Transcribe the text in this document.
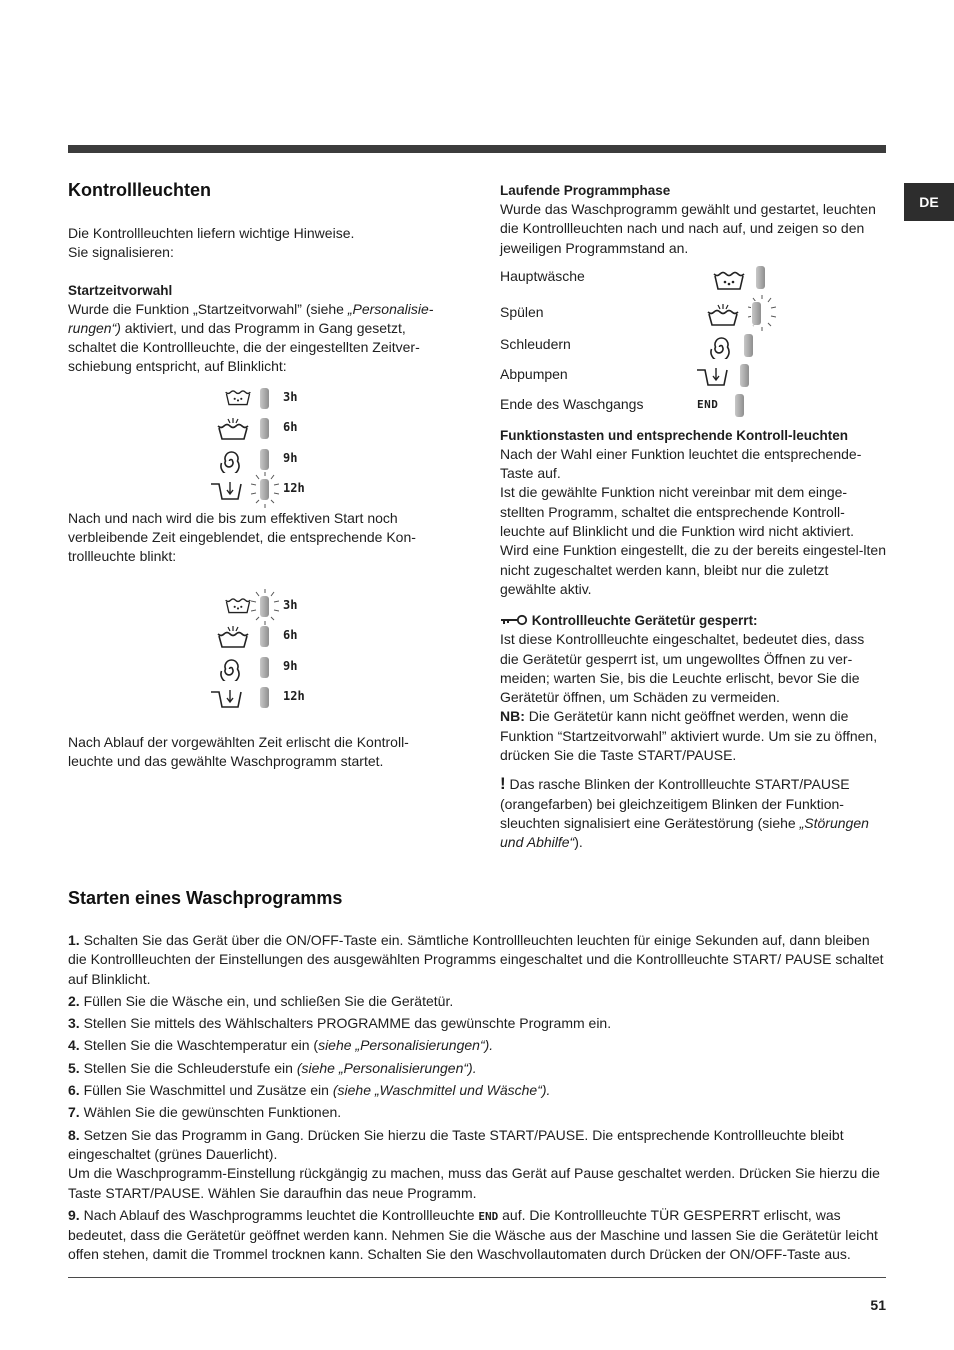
DE
Kontrollleuchten

Die Kontrollleuchten liefern wichtige Hinweise.

Sie signalisieren:

Startzeitvorwahl

Wurde die Funktion „Startzeitvorwahl” (siehe „Personalisie-rungen“) aktiviert, und das Programm in Gang gesetzt, schaltet die Kontrollleuchte, die der eingestellten Zeitver-schiebung entspricht, auf Blinklicht:

3h
6h
9h
12h

Nach und nach wird die bis zum effektiven Start noch verbleibende Zeit eingeblendet, die entsprechende Kon-trollleuchte blinkt:

3h
6h
9h
12h

Nach Ablauf der vorgewählten Zeit erlischt die Kontroll-leuchte und das gewählte Waschprogramm startet.

Laufende Programmphase

Wurde das Waschprogramm gewählt und gestartet, leuchten die Kontrollleuchten nach und nach auf, und zeigen so den jeweiligen Programmstand an.

Hauptwäsche
Spülen
Schleudern
Abpumpen
Ende des Waschgangs	END

Funktionstasten und entsprechende Kontroll-leuchten

Nach der Wahl einer Funktion leuchtet die entsprechende-Taste auf.

Ist die gewählte Funktion nicht vereinbar mit dem einge-stellten Programm, schaltet die entsprechende Kontroll-leuchte auf Blinklicht und die Funktion wird nicht aktiviert.

Wird eine Funktion eingestellt, die zu der bereits eingestel-lten nicht zugeschaltet werden kann, bleibt nur die zuletzt gewählte aktiv.

Kontrollleuchte Gerätetür gesperrt:

Ist diese Kontrollleuchte eingeschaltet, bedeutet dies, dass die Gerätetür gesperrt ist, um ungewolltes Öffnen zu ver-meiden; warten Sie, bis die Leuchte erlischt, bevor Sie die Gerätetür öffnen, um Schäden zu vermeiden.

NB: Die Gerätetür kann nicht geöffnet werden, wenn die Funktion “Startzeitvorwahl” aktiviert wurde. Um sie zu öffnen, drücken Sie die Taste START/PAUSE.

! Das rasche Blinken der Kontrollleuchte START/PAUSE (orangefarben) bei gleichzeitigem Blinken der Funktion-sleuchten signalisiert eine Gerätestörung (siehe „Störungen und Abhilfe“).

Starten eines Waschprogramms

1. Schalten Sie das Gerät über die ON/OFF-Taste ein. Sämtliche Kontrollleuchten leuchten für einige Sekunden auf, dann bleiben die Kontrollleuchten der Einstellungen des ausgewählten Programms eingeschaltet und die Kontrollleuchte START/ PAUSE schaltet auf Blinklicht.

2. Füllen Sie die Wäsche ein, und schließen Sie die Gerätetür.

3. Stellen Sie mittels des Wählschalters PROGRAMME das gewünschte Programm ein.

4. Stellen Sie die Waschtemperatur ein (siehe „Personalisierungen“).

5. Stellen Sie die Schleuderstufe ein (siehe „Personalisierungen“).

6. Füllen Sie Waschmittel und Zusätze ein (siehe „Waschmittel und Wäsche“).

7. Wählen Sie die gewünschten Funktionen.

8. Setzen Sie das Programm in Gang. Drücken Sie hierzu die Taste START/PAUSE. Die entsprechende Kontrollleuchte bleibt eingeschaltet (grünes Dauerlicht).

Um die Waschprogramm-Einstellung rückgängig zu machen, muss das Gerät auf Pause geschaltet werden. Drücken Sie hierzu die Taste START/PAUSE. Wählen Sie daraufhin das neue Programm.

9. Nach Ablauf des Waschprogramms leuchtet die Kontrollleuchte END auf. Die Kontrollleuchte TÜR GESPERRT erlischt, was bedeutet, dass die Gerätetür geöffnet werden kann. Nehmen Sie die Wäsche aus der Maschine und lassen Sie die Gerätetür leicht offen stehen, damit die Trommel trocknen kann. Schalten Sie den Waschvollautomaten durch Drücken der ON/OFF-Taste aus.

51
